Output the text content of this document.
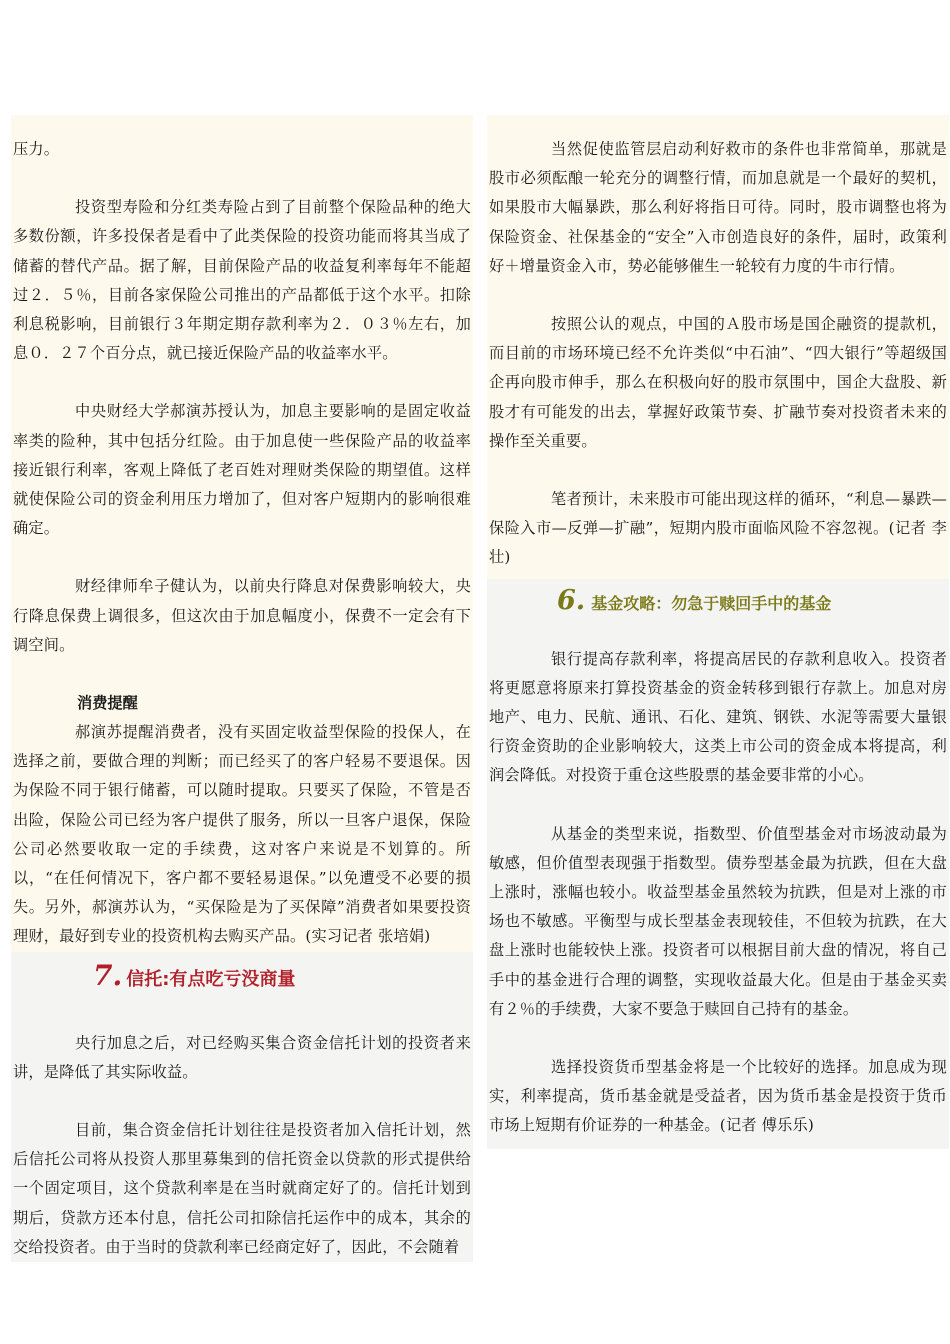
压力。

投资型寿险和分红类寿险占到了目前整个保险品种的绝大多数份额，许多投保者是看中了此类保险的投资功能而将其当成了储蓄的替代产品。据了解，目前保险产品的收益复利率每年不能超过２．５％，目前各家保险公司推出的产品都低于这个水平。扣除利息税影响，目前银行３年期定期存款利率为２．０３％左右，加息０．２７个百分点，就已接近保险产品的收益率水平。

中央财经大学郝演苏授认为，加息主要影响的是固定收益率类的险种，其中包括分红险。由于加息使一些保险产品的收益率接近银行利率，客观上降低了老百姓对理财类保险的期望值。这样就使保险公司的资金利用压力增加了，但对客户短期内的影响很难确定。

财经律师牟子健认为，以前央行降息对保费影响较大，央行降息保费上调很多，但这次由于加息幅度小，保费不一定会有下调空间。

消费提醒

郝演苏提醒消费者，没有买固定收益型保险的投保人，在选择之前，要做合理的判断；而已经买了的客户轻易不要退保。因为保险不同于银行储蓄，可以随时提取。只要买了保险，不管是否出险，保险公司已经为客户提供了服务，所以一旦客户退保，保险公司必然要收取一定的手续费，这对客户来说是不划算的。所以，“在任何情况下，客户都不要轻易退保。”以免遭受不必要的损失。另外，郝演苏认为，“买保险是为了买保障”消费者如果要投资理财，最好到专业的投资机构去购买产品。(实习记者 张培娟)

7. 信托:有点吃亏没商量

央行加息之后，对已经购买集合资金信托计划的投资者来讲，是降低了其实际收益。

目前，集合资金信托计划往往是投资者加入信托计划，然后信托公司将从投资人那里募集到的信托资金以贷款的形式提供给一个固定项目，这个贷款利率是在当时就商定好了的。信托计划到期后，贷款方还本付息，信托公司扣除信托运作中的成本，其余的交给投资者。由于当时的贷款利率已经商定好了，因此，不会随着

当然促使监管层启动利好救市的条件也非常简单，那就是股市必须酝酿一轮充分的调整行情，而加息就是一个最好的契机，如果股市大幅暴跌，那么利好将指日可待。同时，股市调整也将为保险资金、社保基金的“安全”入市创造良好的条件，届时，政策利好＋增量资金入市，势必能够催生一轮较有力度的牛市行情。

按照公认的观点，中国的Ａ股市场是国企融资的提款机，而目前的市场环境已经不允许类似“中石油”、“四大银行”等超级国企再向股市伸手，那么在积极向好的股市氛围中，国企大盘股、新股才有可能发的出去，掌握好政策节奏、扩融节奏对投资者未来的操作至关重要。

笔者预计，未来股市可能出现这样的循环，“利息—暴跌—保险入市—反弹—扩融”，短期内股市面临风险不容忽视。(记者 李壮)

6. 基金攻略：勿急于赎回手中的基金

银行提高存款利率，将提高居民的存款利息收入。投资者将更愿意将原来打算投资基金的资金转移到银行存款上。加息对房地产、电力、民航、通讯、石化、建筑、钢铁、水泥等需要大量银行资金资助的企业影响较大，这类上市公司的资金成本将提高，利润会降低。对投资于重仓这些股票的基金要非常的小心。

从基金的类型来说，指数型、价值型基金对市场波动最为敏感，但价值型表现强于指数型。债券型基金最为抗跌，但在大盘上涨时，涨幅也较小。收益型基金虽然较为抗跌，但是对上涨的市场也不敏感。平衡型与成长型基金表现较佳，不但较为抗跌，在大盘上涨时也能较快上涨。投资者可以根据目前大盘的情况，将自己手中的基金进行合理的调整，实现收益最大化。但是由于基金买卖有２％的手续费，大家不要急于赎回自己持有的基金。

选择投资货币型基金将是一个比较好的选择。加息成为现实，利率提高，货币基金就是受益者，因为货币基金是投资于货币市场上短期有价证券的一种基金。(记者 傅乐乐)
